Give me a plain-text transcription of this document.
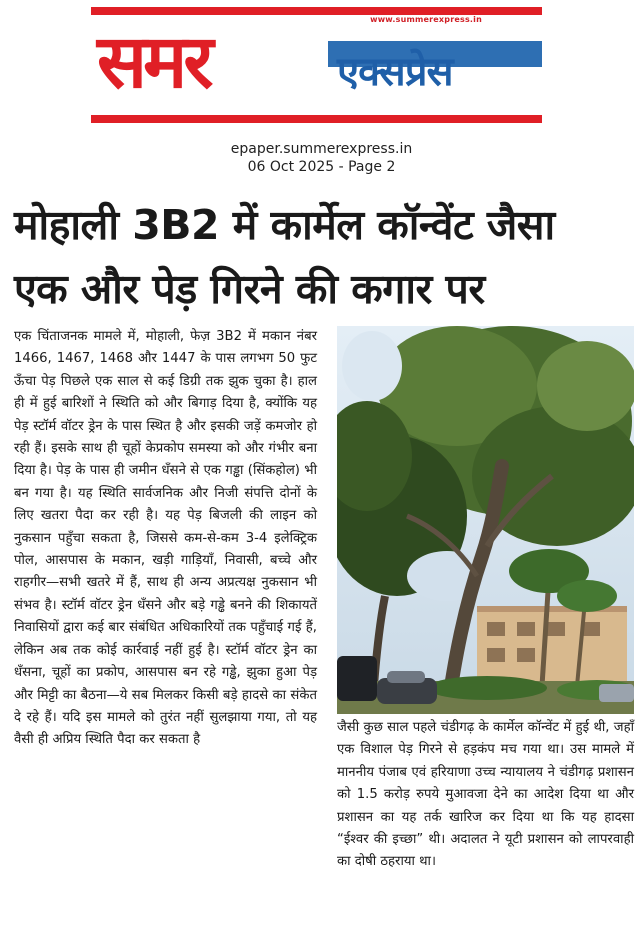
www.summerexpress.in
समर	एक्सप्रेस
epaper.summerexpress.in
06 Oct 2025 - Page 2
मोहाली 3B2 में कार्मेल कॉन्वेंट जैसा
एक और पेड़ गिरने की कगार पर
एक चिंताजनक मामले में, मोहाली, फेज़ 3B2 में मकान नंबर 1466, 1467, 1468 और 1447 के पास लगभग 50 फुट ऊँचा पेड़ पिछले एक साल से कई डिग्री तक झुक चुका है। हाल ही में हुई बारिशों ने स्थिति को और बिगाड़ दिया है, क्योंकि यह पेड़ स्टॉर्म वॉटर ड्रेन के पास स्थित है और इसकी जड़ें कमजोर हो रही हैं। इसके साथ ही चूहों केप्रकोप समस्या को और गंभीर बना दिया है। पेड़ के पास ही जमीन धँसने से एक गड्ढा (सिंकहोल) भी बन गया है। यह स्थिति सार्वजनिक और निजी संपत्ति दोनों के लिए खतरा पैदा कर रही है। यह पेड़ बिजली की लाइन को नुकसान पहुँचा सकता है, जिससे कम-से-कम 3-4 इलेक्ट्रिक पोल, आसपास के मकान, खड़ी गाड़ियाँ, निवासी, बच्चे और राहगीर—सभी खतरे में हैं, साथ ही अन्य अप्रत्यक्ष नुकसान भी संभव है। स्टॉर्म वॉटर ड्रेन धँसने और बड़े गड्ढे बनने की शिकायतें निवासियों द्वारा कई बार संबंधित अधिकारियों तक पहुँचाई गई हैं, लेकिन अब तक कोई कार्रवाई नहीं हुई है। स्टॉर्म वॉटर ड्रेन का धँसना, चूहों का प्रकोप, आसपास बन रहे गड्ढे, झुका हुआ पेड़ और मिट्टी का बैठना—ये सब मिलकर किसी बड़े हादसे का संकेत दे रहे हैं। यदि इस मामले को तुरंत नहीं सुलझाया गया, तो यह वैसी ही अप्रिय स्थिति पैदा कर सकता है
जैसी कुछ साल पहले चंडीगढ़ के कार्मेल कॉन्वेंट में हुई थी, जहाँ एक विशाल पेड़ गिरने से हड़कंप मच गया था। उस मामले में माननीय पंजाब एवं हरियाणा उच्च न्यायालय ने चंडीगढ़ प्रशासन को 1.5 करोड़ रुपये मुआवजा देने का आदेश दिया था और प्रशासन का यह तर्क खारिज कर दिया था कि यह हादसा “ईश्वर की इच्छा” थी। अदालत ने यूटी प्रशासन को लापरवाही का दोषी ठहराया था।
